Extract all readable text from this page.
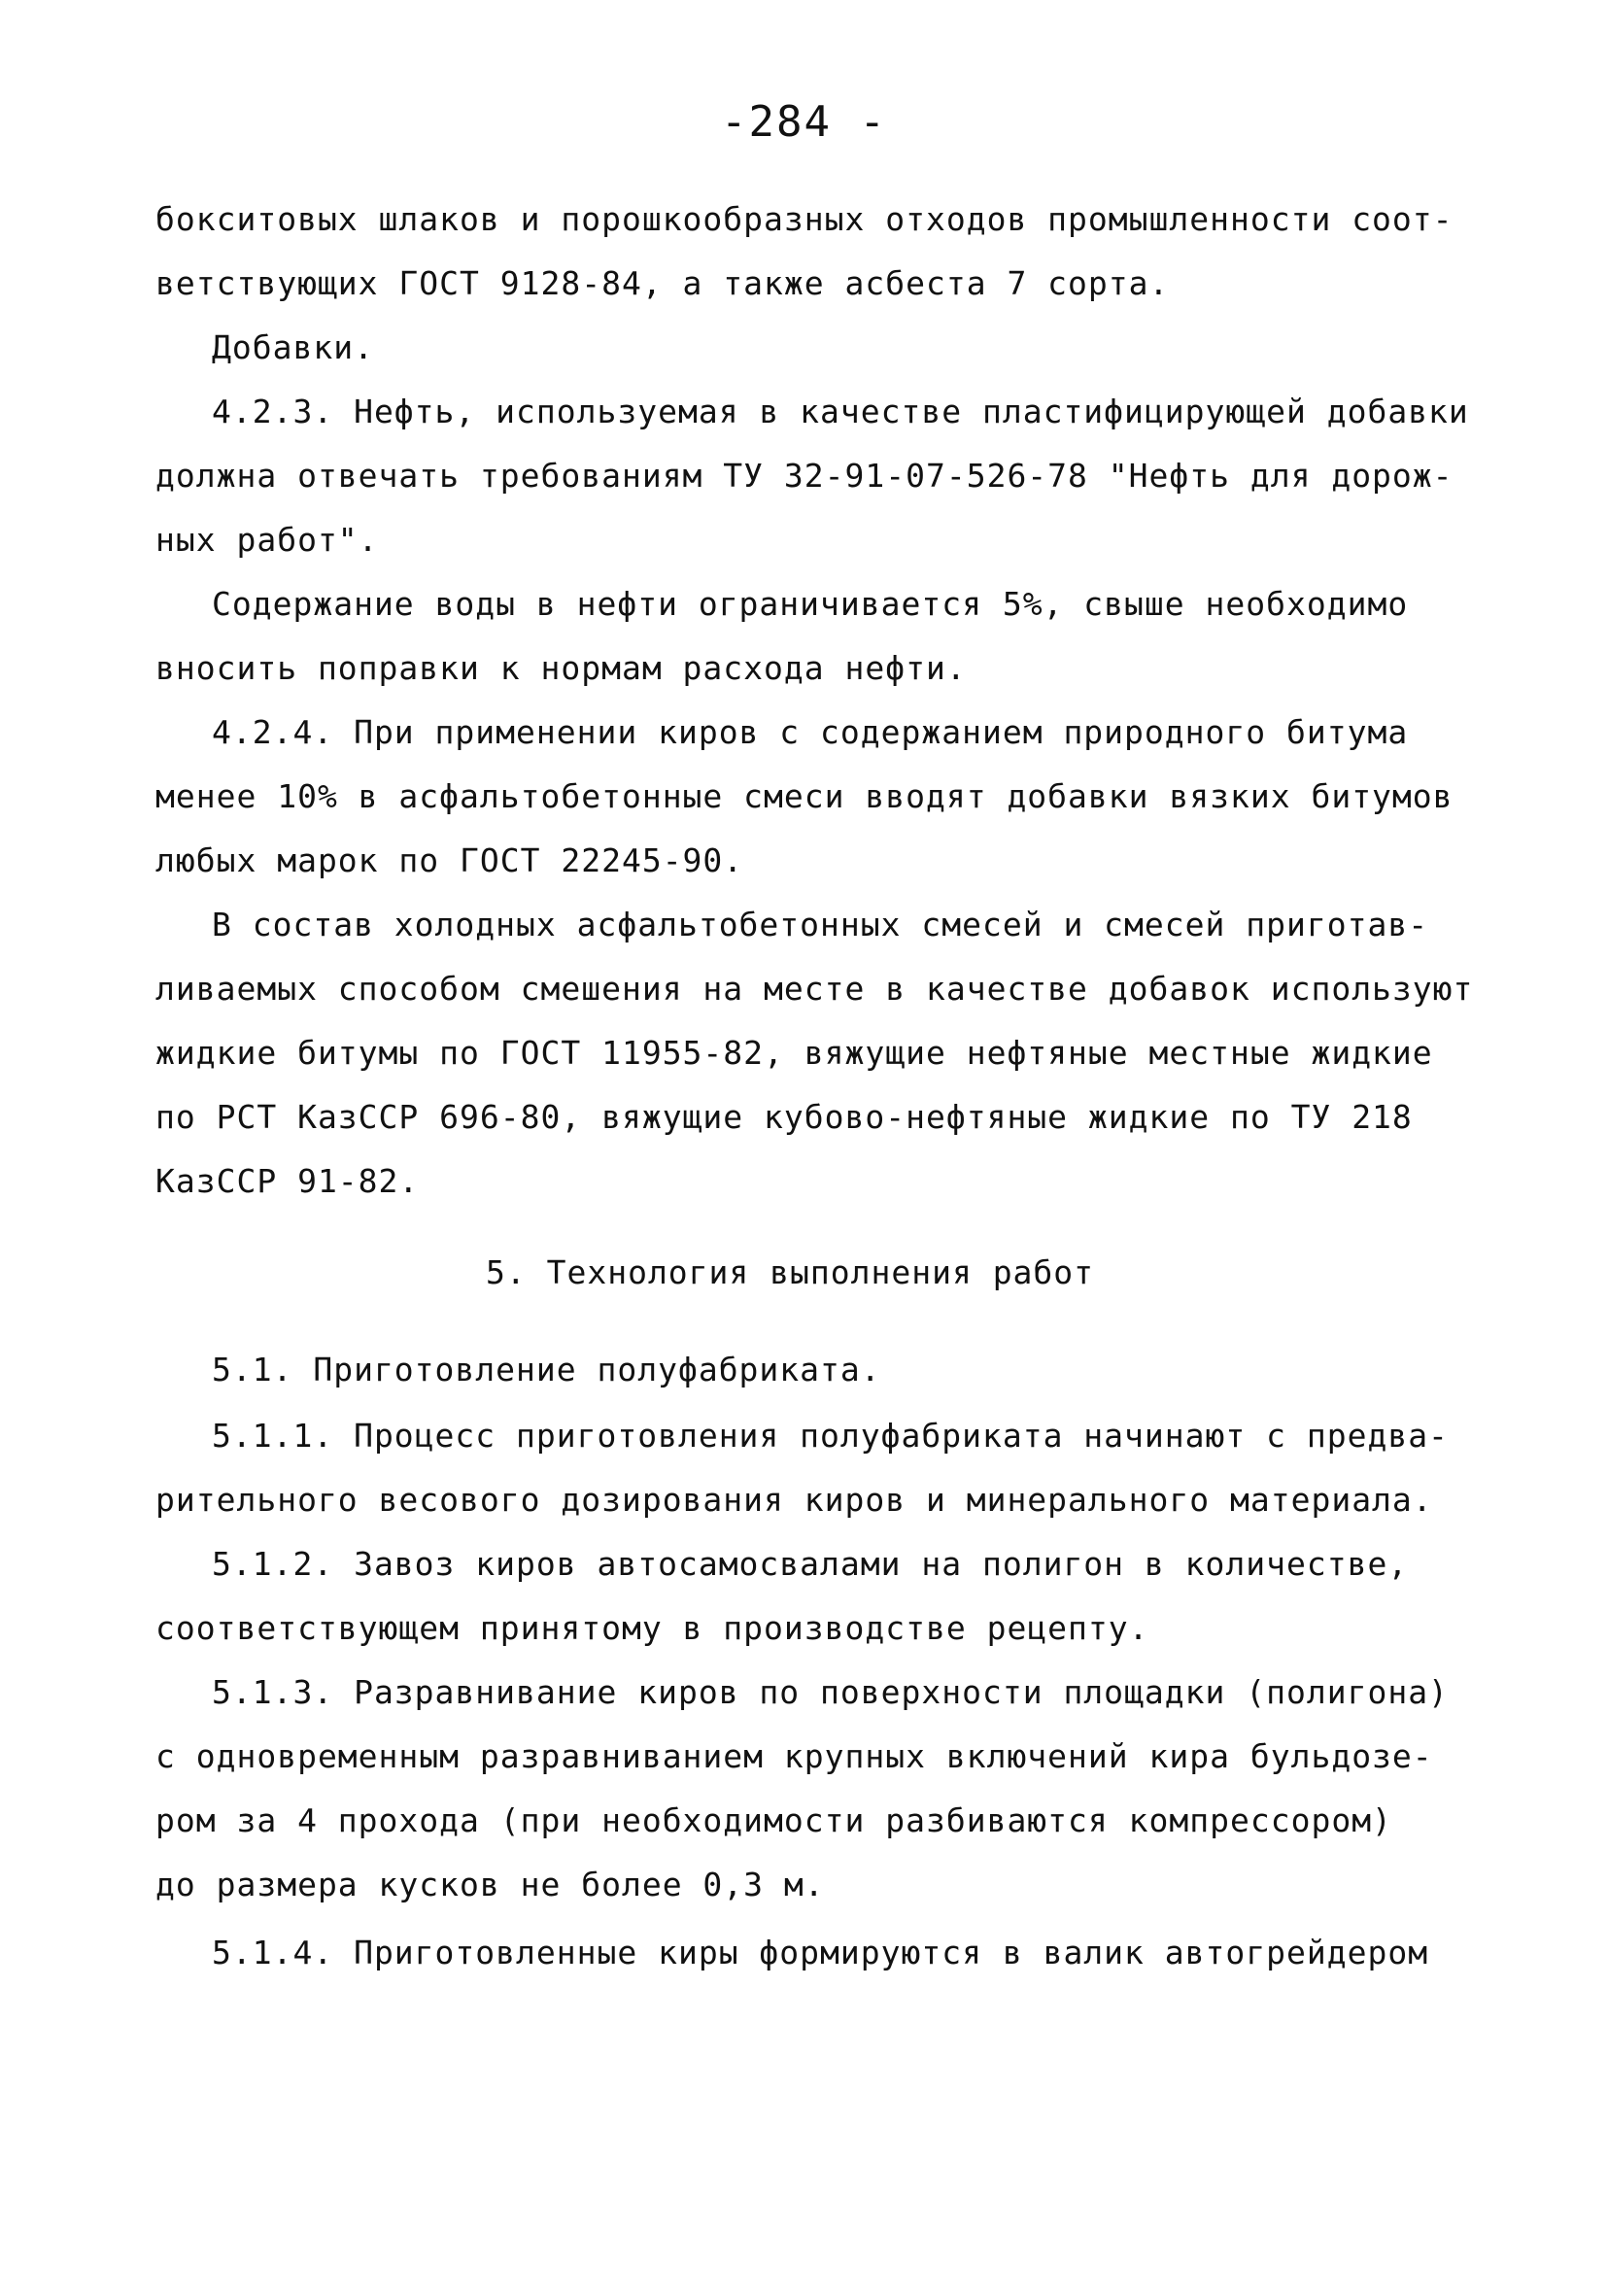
-284 -
бокситовых шлаков и порошкообразных отходов промышленности соот-
ветствующих ГОСТ 9128-84, а также асбеста 7 сорта.
Добавки.
4.2.3. Нефть, используемая в качестве пластифицирующей добавки
должна отвечать требованиям ТУ 32-91-07-526-78 "Нефть для дорож-
ных работ".
Содержание воды в нефти ограничивается 5%, свыше необходимо
вносить поправки к нормам расхода нефти.
4.2.4. При применении киров с содержанием природного битума
менее 10% в асфальтобетонные смеси вводят добавки вязких битумов
любых марок по ГОСТ 22245-90.
В состав холодных асфальтобетонных смесей и смесей приготав-
ливаемых способом смешения на месте в качестве добавок используют
жидкие битумы по ГОСТ 11955-82, вяжущие нефтяные местные жидкие
по РСТ КазССР 696-80, вяжущие кубово-нефтяные жидкие по ТУ 218
КазССР 91-82.
5. Технология выполнения работ
5.1. Приготовление полуфабриката.
5.1.1. Процесс приготовления полуфабриката начинают с предва-
рительного весового дозирования киров и минерального материала.
5.1.2. Завоз киров автосамосвалами на полигон в количестве,
соответствующем принятому в производстве рецепту.
5.1.3. Разравнивание киров по поверхности площадки (полигона)
с одновременным разравниванием крупных включений кира бульдозе-
ром за 4 прохода (при необходимости разбиваются компрессором)
до размера кусков не более 0,3 м.
5.1.4. Приготовленные киры формируются в валик автогрейдером
